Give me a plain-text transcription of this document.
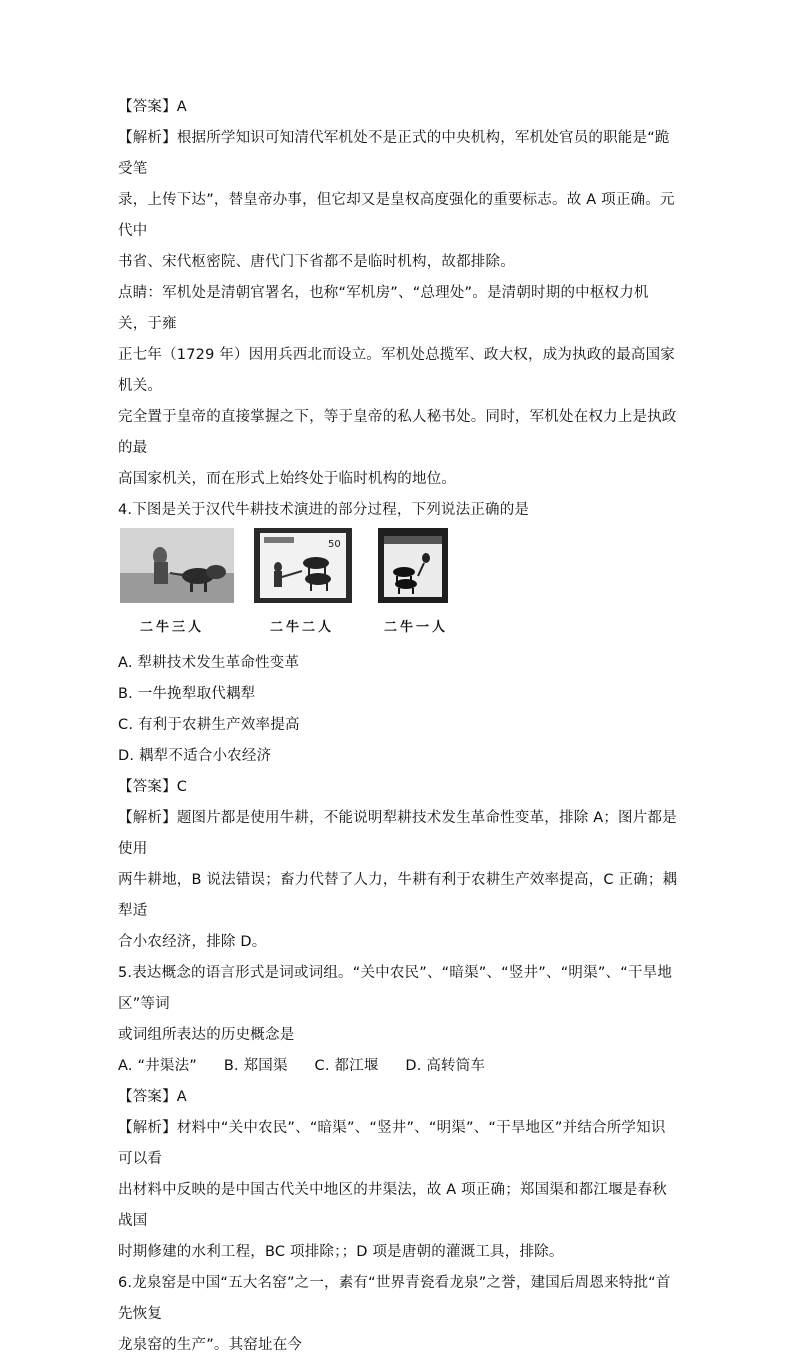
【答案】A

【解析】根据所学知识可知清代军机处不是正式的中央机构，军机处官员的职能是“跪受笔

录，上传下达”，替皇帝办事，但它却又是皇权高度强化的重要标志。故 A 项正确。元代中

书省、宋代枢密院、唐代门下省都不是临时机构，故都排除。

点睛：军机处是清朝官署名，也称“军机房”、“总理处”。是清朝时期的中枢权力机关，于雍

正七年（1729 年）因用兵西北而设立。军机处总揽军、政大权，成为执政的最高国家机关。

完全置于皇帝的直接掌握之下，等于皇帝的私人秘书处。同时，军机处在权力上是执政的最

高国家机关，而在形式上始终处于临时机构的地位。

4.下图是关于汉代牛耕技术演进的部分过程，下列说法正确的是

二牛三人
50
二牛二人	二牛一人

A. 犁耕技术发生革命性变革

B. 一牛挽犁取代耦犁

C. 有利于农耕生产效率提高

D. 耦犁不适合小农经济

【答案】C

【解析】题图片都是使用牛耕，不能说明犁耕技术发生革命性变革，排除 A；图片都是使用

两牛耕地，B 说法错误；畜力代替了人力，牛耕有利于农耕生产效率提高，C 正确；耦犁适

合小农经济，排除 D。

5.表达概念的语言形式是词或词组。“关中农民”、“暗渠”、“竖井”、“明渠”、“干旱地区”等词

或词组所表达的历史概念是

A. “井渠法” B. 郑国渠 C. 都江堰 D. 高转筒车

【答案】A

【解析】材料中“关中农民”、“暗渠”、“竖井”、“明渠”、“干旱地区”并结合所学知识可以看

出材料中反映的是中国古代关中地区的井渠法，故 A 项正确；郑国渠和都江堰是春秋战国

时期修建的水利工程，BC 项排除；；D 项是唐朝的灌溉工具，排除。

6.龙泉窑是中国“五大名窑”之一，素有“世界青瓷看龙泉”之誉，建国后周恩来特批“首先恢复

龙泉窑的生产”。其窑址在今
